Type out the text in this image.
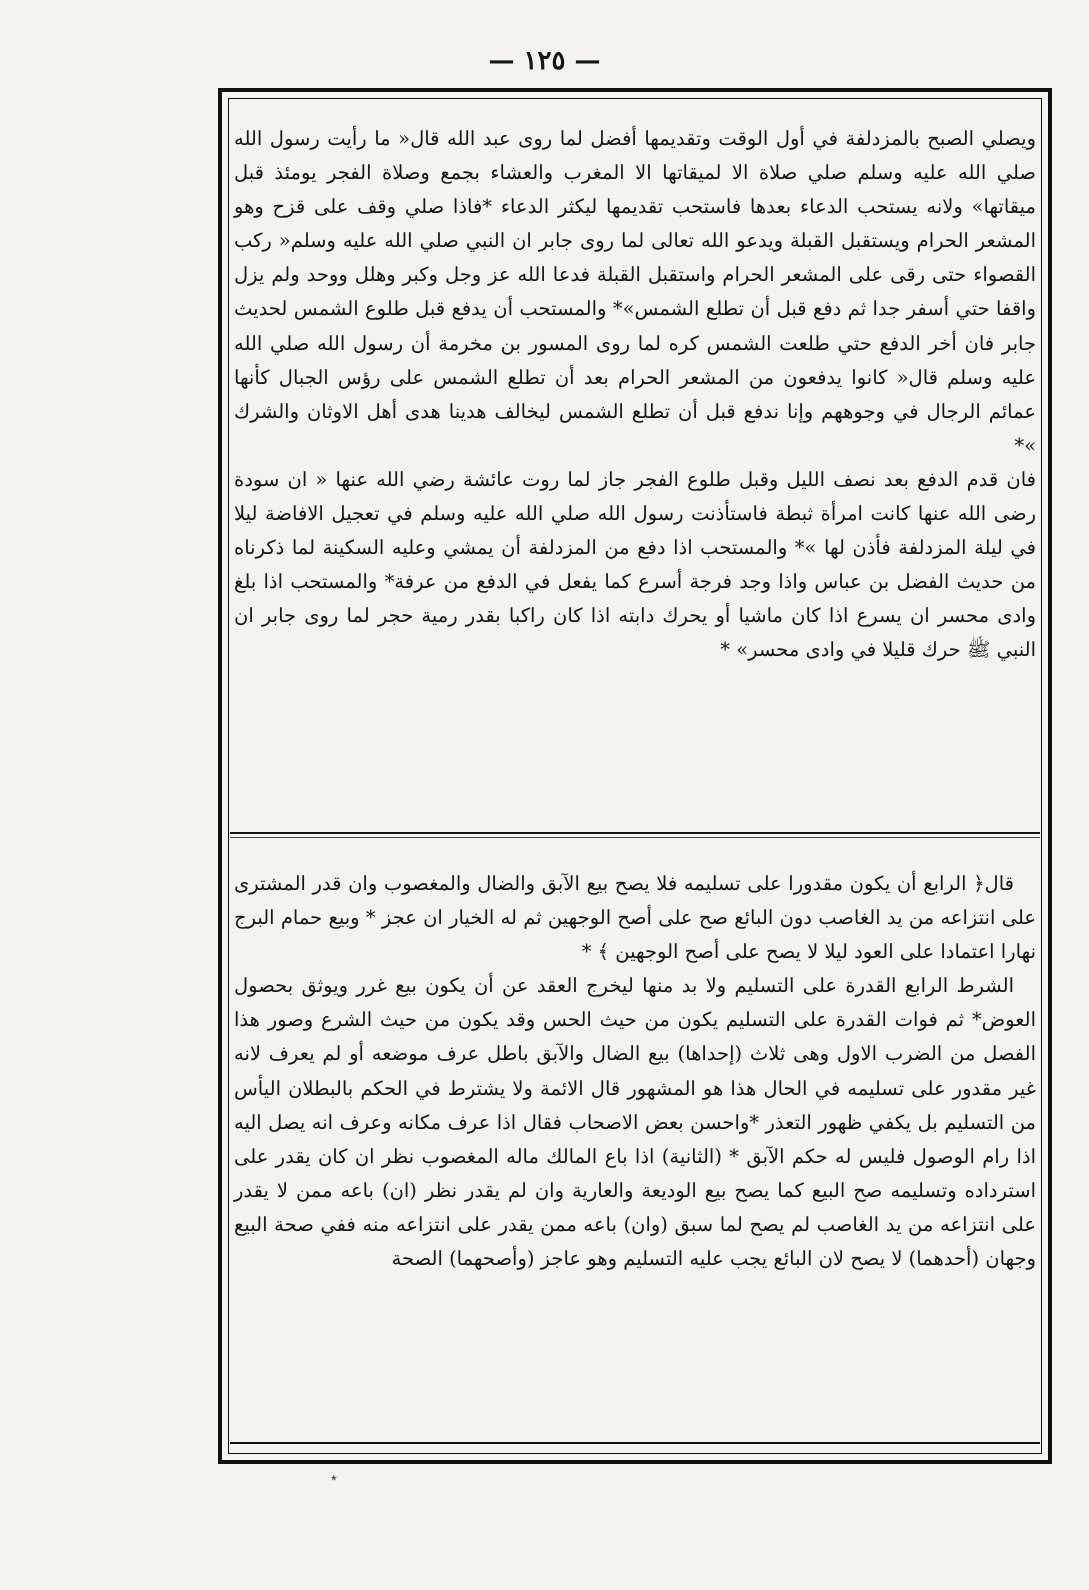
— ١٢٥ —

ويصلي الصبح بالمزدلفة في أول الوقت وتقديمها أفضل لما روى عبد الله قال« ما رأيت رسول الله صلي الله عليه وسلم صلي صلاة الا لميقاتها الا المغرب والعشاء بجمع وصلاة الفجر يومئذ قبل ميقاتها» ولانه يستحب الدعاء بعدها فاستحب تقديمها ليكثر الدعاء *فاذا صلي وقف على قزح وهو المشعر الحرام ويستقبل القبلة ويدعو الله تعالى لما روى جابر ان النبي صلي الله عليه وسلم« ركب القصواء حتى رقى على المشعر الحرام واستقبل القبلة فدعا الله عز وجل وكبر وهلل ووحد ولم يزل واقفا حتي أسفر جدا ثم دفع قبل أن تطلع الشمس»* والمستحب أن يدفع قبل طلوع الشمس لحديث جابر فان أخر الدفع حتي طلعت الشمس كره لما روى المسور بن مخرمة أن رسول الله صلي الله عليه وسلم قال« كانوا يدفعون من المشعر الحرام بعد أن تطلع الشمس على رؤس الجبال كأنها عمائم الرجال في وجوههم وإنا ندفع قبل أن تطلع الشمس ليخالف هدينا هدى أهل الاوثان والشرك »*

فان قدم الدفع بعد نصف الليل وقبل طلوع الفجر جاز لما روت عائشة رضي الله عنها « ان سودة رضى الله عنها كانت امرأة ثبطة فاستأذنت رسول الله صلي الله عليه وسلم في تعجيل الافاضة ليلا في ليلة المزدلفة فأذن لها »* والمستحب اذا دفع من المزدلفة أن يمشي وعليه السكينة لما ذكرناه من حديث الفضل بن عباس واذا وجد فرجة أسرع كما يفعل في الدفع من عرفة* والمستحب اذا بلغ وادى محسر ان يسرع اذا كان ماشيا أو يحرك دابته اذا كان راكبا بقدر رمية حجر لما روى جابر ان النبي ﷺ حرك قليلا في وادى محسر» *

قال﴿ الرابع أن يكون مقدورا على تسليمه فلا يصح بيع الآبق والضال والمغصوب وان قدر المشترى على انتزاعه من يد الغاصب دون البائع صح على أصح الوجهين ثم له الخيار ان عجز * وبيع حمام البرج نهارا اعتمادا على العود ليلا لا يصح على أصح الوجهين ﴾ *

الشرط الرابع القدرة على التسليم ولا بد منها ليخرج العقد عن أن يكون بيع غرر ويوثق بحصول العوض* ثم فوات القدرة على التسليم يكون من حيث الحس وقد يكون من حيث الشرع وصور هذا الفصل من الضرب الاول وهى ثلاث (إحداها) بيع الضال والآبق باطل عرف موضعه أو لم يعرف لانه غير مقدور على تسليمه في الحال هذا هو المشهور قال الائمة ولا يشترط في الحكم بالبطلان اليأس من التسليم بل يكفي ظهور التعذر *واحسن بعض الاصحاب فقال اذا عرف مكانه وعرف انه يصل اليه اذا رام الوصول فليس له حكم الآبق * (الثانية) اذا باع المالك ماله المغصوب نظر ان كان يقدر على استرداده وتسليمه صح البيع كما يصح بيع الوديعة والعارية وان لم يقدر نظر (ان) باعه ممن لا يقدر على انتزاعه من يد الغاصب لم يصح لما سبق (وان) باعه ممن يقدر على انتزاعه منه ففي صحة البيع وجهان (أحدهما) لا يصح لان البائع يجب عليه التسليم وهو عاجز (وأصحهما) الصحة

٭
